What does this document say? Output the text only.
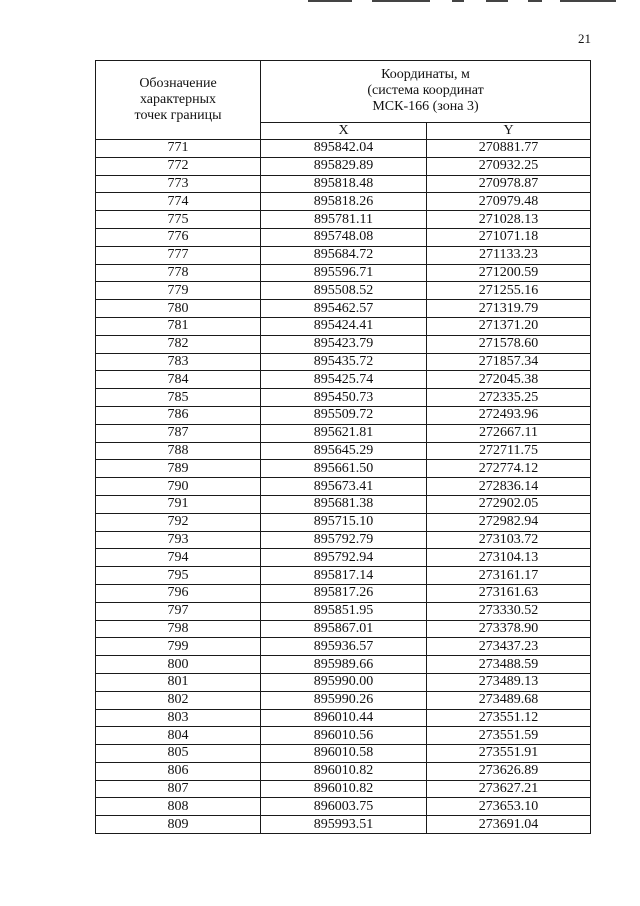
21
Обозначение
характерных
точек границы	Координаты, м
(система координат
МСК-166 (зона 3)	

	X	Y
771	895842.04	270881.77
772	895829.89	270932.25
773	895818.48	270978.87
774	895818.26	270979.48
775	895781.11	271028.13
776	895748.08	271071.18
777	895684.72	271133.23
778	895596.71	271200.59
779	895508.52	271255.16
780	895462.57	271319.79
781	895424.41	271371.20
782	895423.79	271578.60
783	895435.72	271857.34
784	895425.74	272045.38
785	895450.73	272335.25
786	895509.72	272493.96
787	895621.81	272667.11
788	895645.29	272711.75
789	895661.50	272774.12
790	895673.41	272836.14
791	895681.38	272902.05
792	895715.10	272982.94
793	895792.79	273103.72
794	895792.94	273104.13
795	895817.14	273161.17
796	895817.26	273161.63
797	895851.95	273330.52
798	895867.01	273378.90
799	895936.57	273437.23
800	895989.66	273488.59
801	895990.00	273489.13
802	895990.26	273489.68
803	896010.44	273551.12
804	896010.56	273551.59
805	896010.58	273551.91
806	896010.82	273626.89
807	896010.82	273627.21
808	896003.75	273653.10
809	895993.51	273691.04
